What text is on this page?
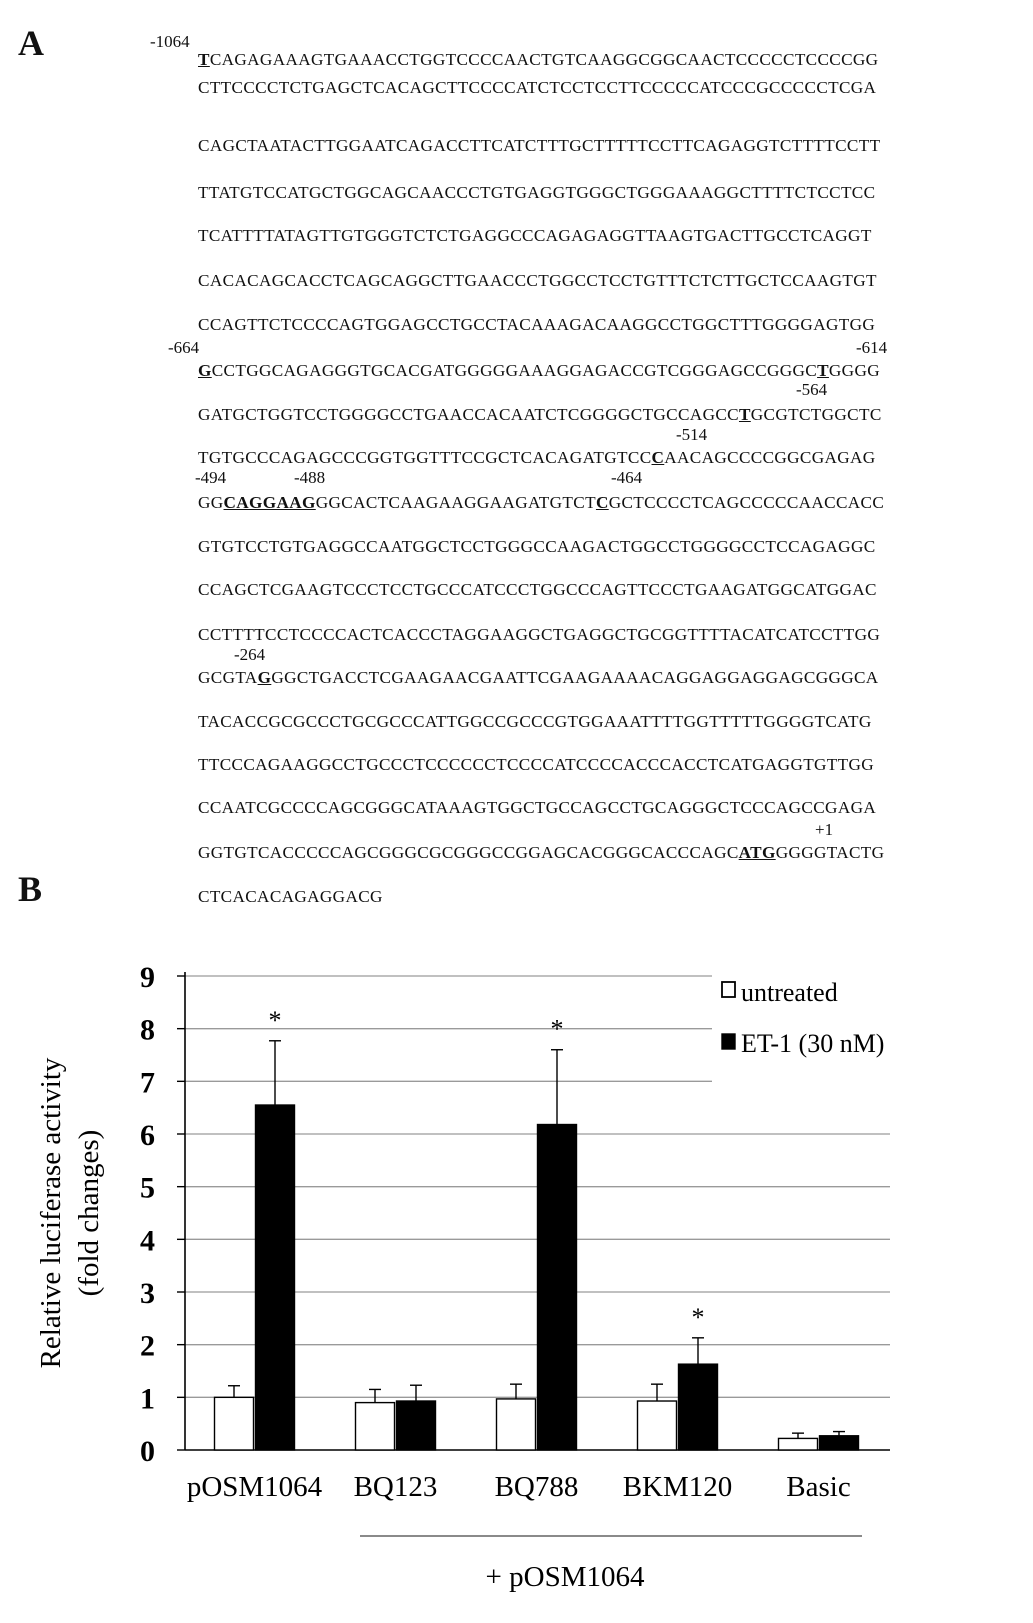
A	TCAGAGAAAGTGAAACCTGGTCCCCAACTGTCAAGGCGGCAACTCCCCCTCCCCGG
CTTCCCCTCTGAGCTCACAGCTTCCCCATCTCCTCCTTCCCCCATCCCGCCCCCTCGA
CAGCTAATACTTGGAATCAGACCTTCATCTTTGCTTTTTCCTTCAGAGGTCTTTTCCTT
TTATGTCCATGCTGGCAGCAACCCTGTGAGGTGGGCTGGGAAAGGCTTTTCTCCTCC
TCATTTTATAGTTGTGGGTCTCTGAGGCCCAGAGAGGTTAAGTGACTTGCCTCAGGT
CACACAGCACCTCAGCAGGCTTGAACCCTGGCCTCCTGTTTCTCTTGCTCCAAGTGT
CCAGTTCTCCCCAGTGGAGCCTGCCTACAAAGACAAGGCCTGGCTTTGGGGAGTGG
GCCTGGCAGAGGGTGCACGATGGGGGAAAGGAGACCGTCGGGAGCCGGGCTGGGG
GATGCTGGTCCTGGGGCCTGAACCACAATCTCGGGGCTGCCAGCCTGCGTCTGGCTC
TGTGCCCAGAGCCCGGTGGTTTCCGCTCACAGATGTCCCAACAGCCCCGGCGAGAG
GGCAGGAAGGGCACTCAAGAAGGAAGATGTCTCGCTCCCCTCAGCCCCCAACCACC
GTGTCCTGTGAGGCCAATGGCTCCTGGGCCAAGACTGGCCTGGGGCCTCCAGAGGC
CCAGCTCGAAGTCCCTCCTGCCCATCCCTGGCCCAGTTCCCTGAAGATGGCATGGAC
CCTTTTCCTCCCCACTCACCCTAGGAAGGCTGAGGCTGCGGTTTTACATCATCCTTGG
GCGTAGGGCTGACCTCGAAGAACGAATTCGAAGAAAACAGGAGGAGGAGCGGGCA
TACACCGCGCCCTGCGCCCATTGGCCGCCCGTGGAAATTTTGGTTTTTGGGGTCATG
TTCCCAGAAGGCCTGCCCTCCCCCCTCCCCATCCCCACCCACCTCATGAGGTGTTGG
CCAATCGCCCCAGCGGGCATAAAGTGGCTGCCAGCCTGCAGGGCTCCCAGCCGAGA
GGTGTCACCCCCAGCGGGCGCGGGCCGGAGCACGGGCACCCAGCATGGGGGTACTG
CTCACACAGAGGACG
-1064
-664	-614
-564
-514
-494	-488	-464
-264
+1
B
0
1
2
3
4
5
6
7
8
9
Relative luciferase activity (fold changes)
*
pOSM1064 BQ123
*
BQ788
*
BKM120 Basic
+ pOSM1064
untreated
ET-1 (30 nM)
